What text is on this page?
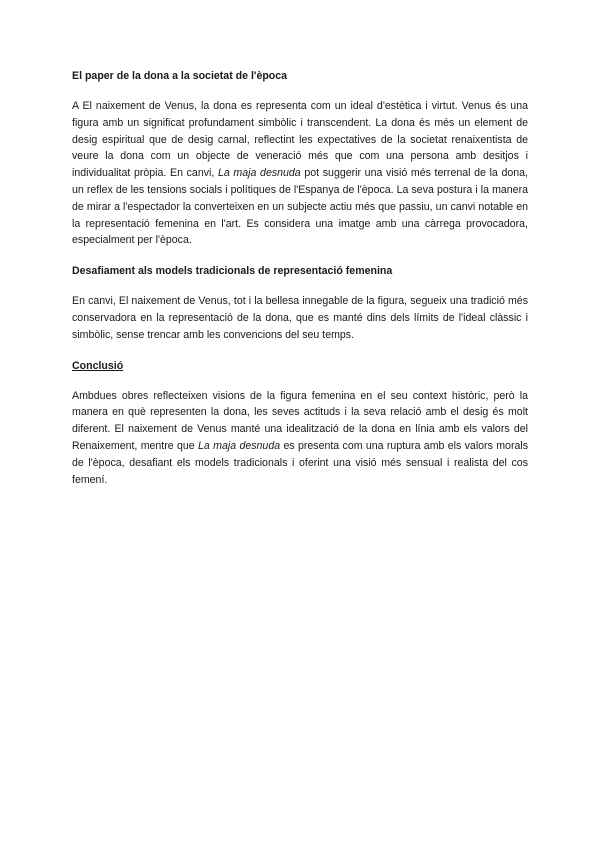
El paper de la dona a la societat de l'època

A El naixement de Venus, la dona es representa com un ideal d'estètica i virtut. Venus és una figura amb un significat profundament simbòlic i transcendent. La dona és més un element de desig espiritual que de desig carnal, reflectint les expectatives de la societat renaixentista de veure la dona com un objecte de veneració més que com una persona amb desitjos i individualitat pròpia. En canvi, La maja desnuda pot suggerir una visió més terrenal de la dona, un reflex de les tensions socials i polítiques de l'Espanya de l'època. La seva postura i la manera de mirar a l'espectador la converteixen en un subjecte actiu més que passiu, un canvi notable en la representació femenina en l'art. Es considera una imatge amb una càrrega provocadora, especialment per l'època.

Desafiament als models tradicionals de representació femenina

En canvi, El naixement de Venus, tot i la bellesa innegable de la figura, segueix una tradició més conservadora en la representació de la dona, que es manté dins dels límits de l'ideal clàssic i simbòlic, sense trencar amb les convencions del seu temps.

Conclusió

Ambdues obres reflecteixen visions de la figura femenina en el seu context històric, però la manera en què representen la dona, les seves actituds i la seva relació amb el desig és molt diferent. El naixement de Venus manté una idealització de la dona en línia amb els valors del Renaixement, mentre que La maja desnuda es presenta com una ruptura amb els valors morals de l'època, desafiant els models tradicionals i oferint una visió més sensual i realista del cos femení.
